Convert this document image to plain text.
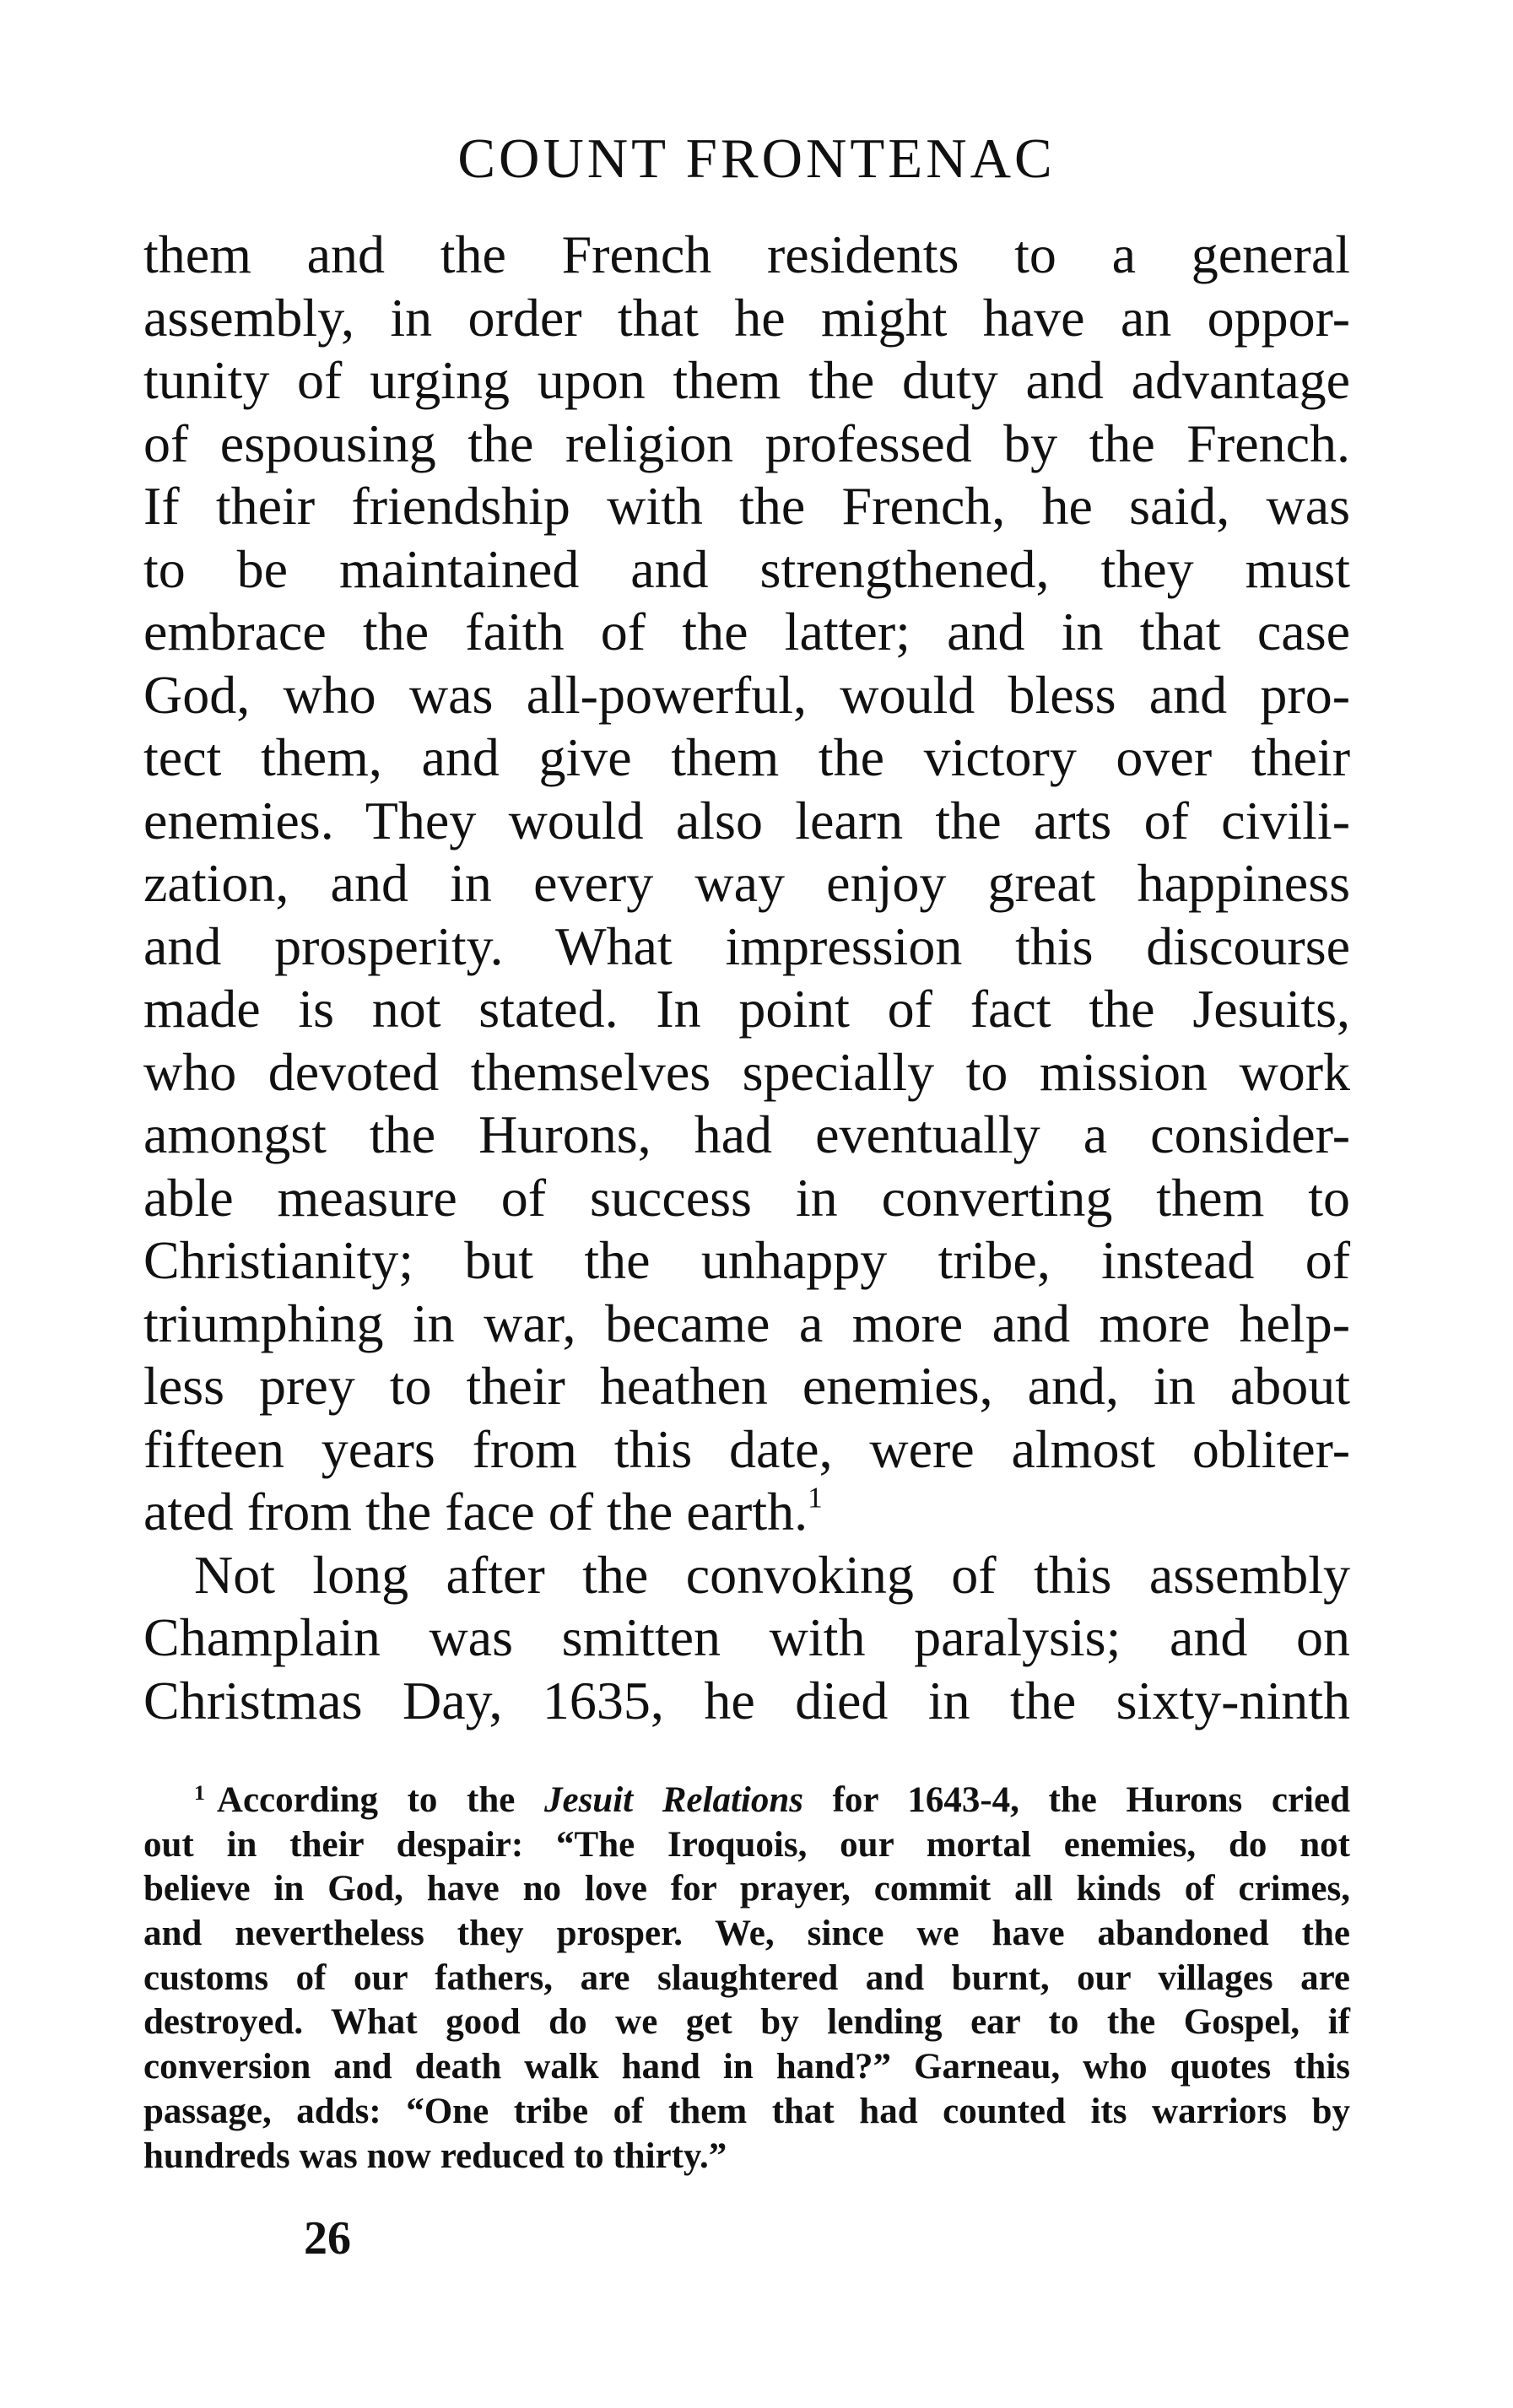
COUNT FRONTENAC
them and the French residents to a general
assembly, in order that he might have an oppor-
tunity of urging upon them the duty and advantage
of espousing the religion professed by the French.
If their friendship with the French, he said, was
to be maintained and strengthened, they must
embrace the faith of the latter; and in that case
God, who was all-powerful, would bless and pro-
tect them, and give them the victory over their
enemies. They would also learn the arts of civili-
zation, and in every way enjoy great happiness
and prosperity. What impression this discourse
made is not stated. In point of fact the Jesuits,
who devoted themselves specially to mission work
amongst the Hurons, had eventually a consider-
able measure of success in converting them to
Christianity; but the unhappy tribe, instead of
triumphing in war, became a more and more help-
less prey to their heathen enemies, and, in about
fifteen years from this date, were almost obliter-
ated from the face of the earth.$^1$
Not long after the convoking of this assembly
Champlain was smitten with paralysis; and on
Christmas Day, 1635, he died in the sixty-ninth
$^1$ According to the Jesuit Relations for 1643-4, the Hurons cried
out in their despair: “The Iroquois, our mortal enemies, do not
believe in God, have no love for prayer, commit all kinds of crimes,
and nevertheless they prosper. We, since we have abandoned the
customs of our fathers, are slaughtered and burnt, our villages are
destroyed. What good do we get by lending ear to the Gospel, if
conversion and death walk hand in hand?” Garneau, who quotes this
passage, adds: “One tribe of them that had counted its warriors by
hundreds was now reduced to thirty.”
26
